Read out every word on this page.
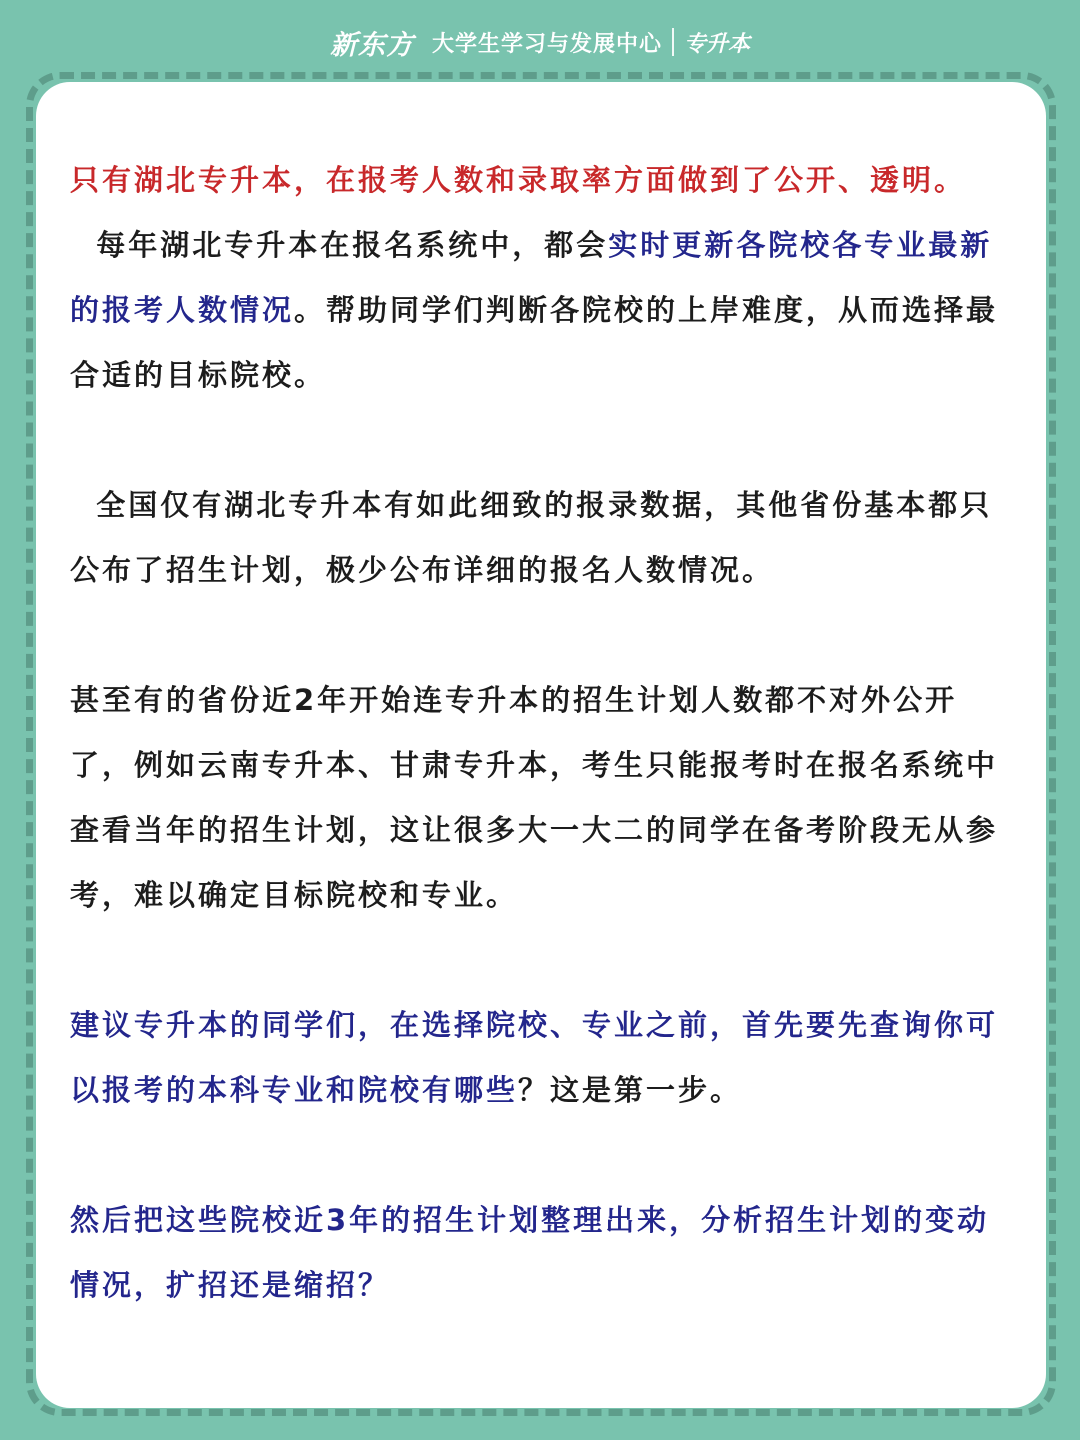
新东方 大学生学习与发展中心 专升本

只有湖北专升本，在报考人数和录取率方面做到了公开、透明。

每年湖北专升本在报名系统中，都会实时更新各院校各专业最新的报考人数情况。帮助同学们判断各院校的上岸难度，从而选择最合适的目标院校。

全国仅有湖北专升本有如此细致的报录数据，其他省份基本都只公布了招生计划，极少公布详细的报名人数情况。

甚至有的省份近2年开始连专升本的招生计划人数都不对外公开了，例如云南专升本、甘肃专升本，考生只能报考时在报名系统中查看当年的招生计划，这让很多大一大二的同学在备考阶段无从参考，难以确定目标院校和专业。

建议专升本的同学们，在选择院校、专业之前，首先要先查询你可以报考的本科专业和院校有哪些？这是第一步。

然后把这些院校近3年的招生计划整理出来，分析招生计划的变动情况，扩招还是缩招？
